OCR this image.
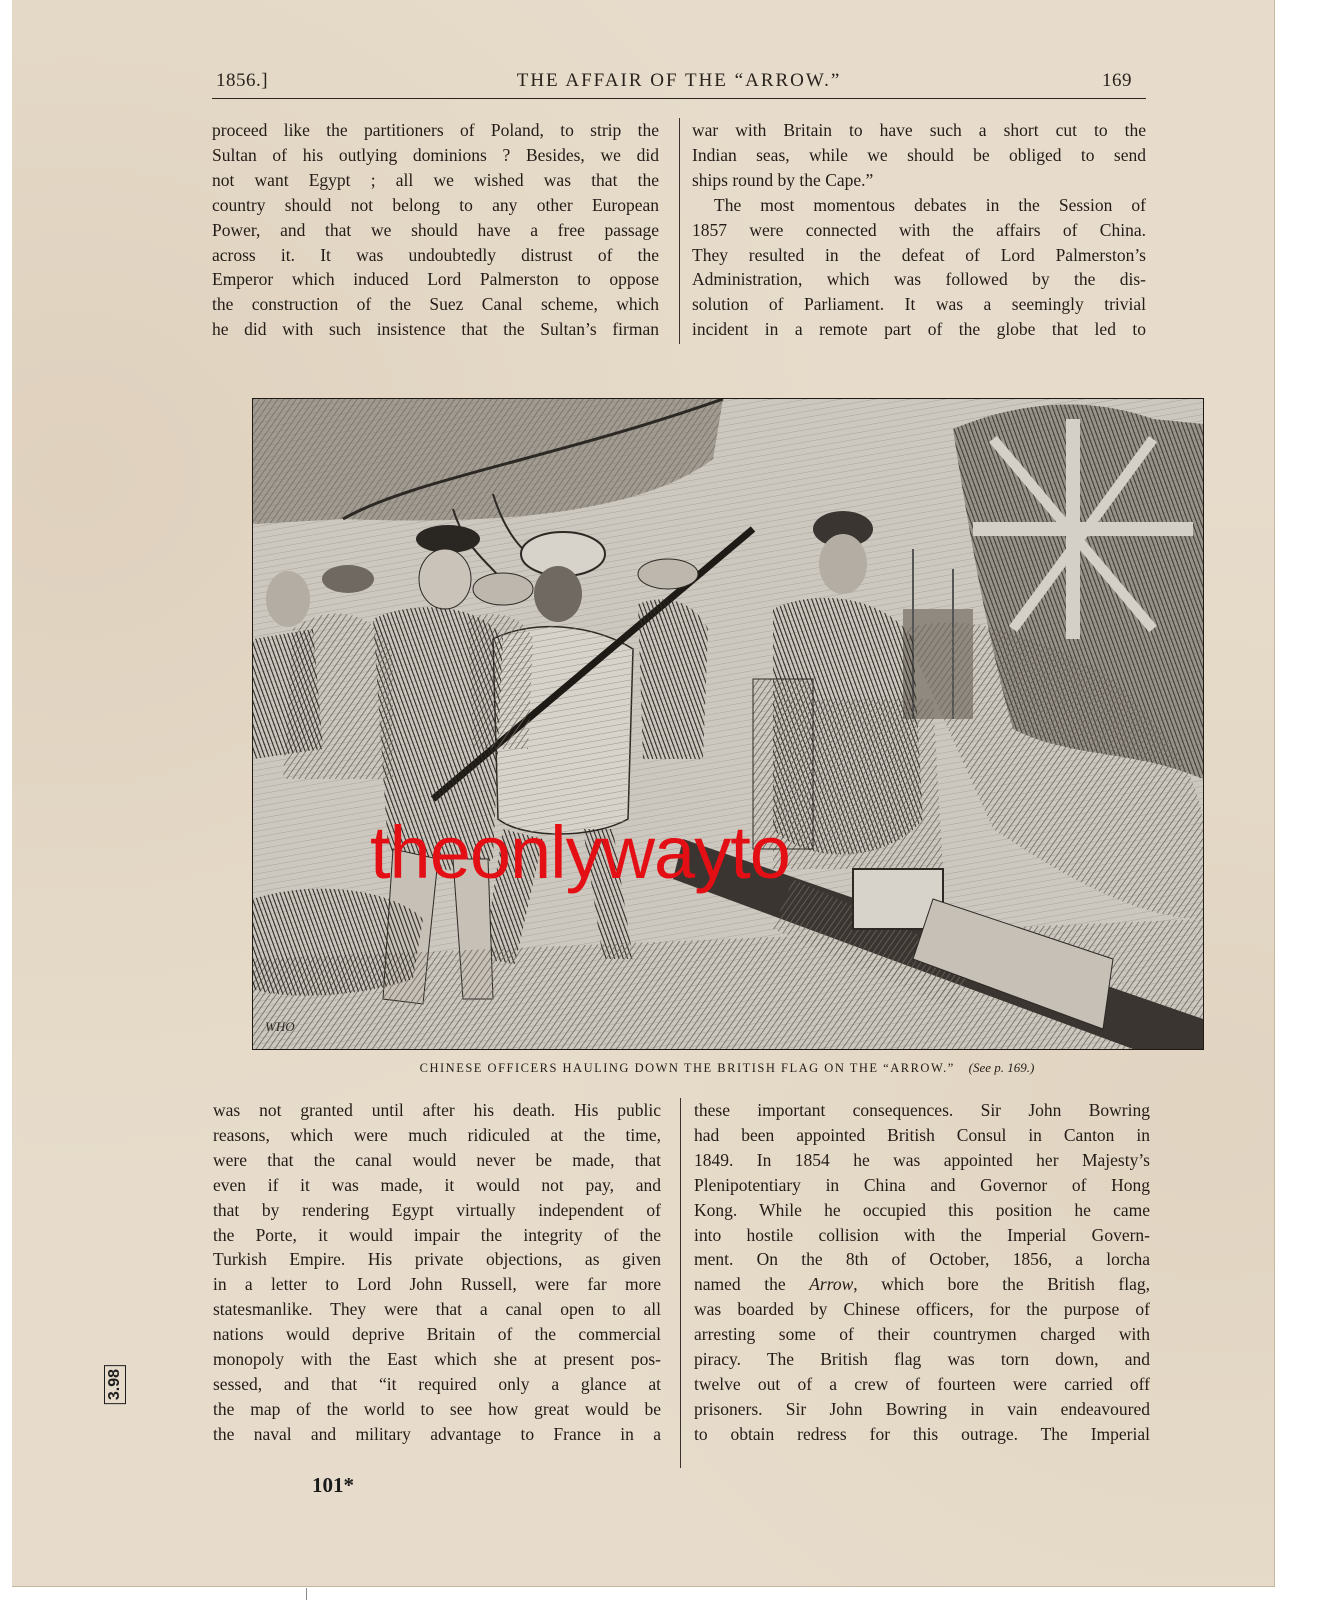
1856.]	THE AFFAIR OF THE “ARROW.”	169
proceed like the partitioners of Poland, to strip the
Sultan of his outlying dominions ? Besides, we did
not want Egypt ; all we wished was that the
country should not belong to any other European
Power, and that we should have a free passage
across it. It was undoubtedly distrust of the
Emperor which induced Lord Palmerston to oppose
the construction of the Suez Canal scheme, which
he did with such insistence that the Sultan’s firman
war with Britain to have such a short cut to the
Indian seas, while we should be obliged to send
ships round by the Cape.”
The most momentous debates in the Session of
1857 were connected with the affairs of China.
They resulted in the defeat of Lord Palmerston’s
Administration, which was followed by the dis-
solution of Parliament. It was a seemingly trivial
incident in a remote part of the globe that led to
WHO
theonlywayto
CHINESE OFFICERS HAULING DOWN THE BRITISH FLAG ON THE “ARROW.” (See p. 169.)
was not granted until after his death. His public
reasons, which were much ridiculed at the time,
were that the canal would never be made, that
even if it was made, it would not pay, and
that by rendering Egypt virtually independent of
the Porte, it would impair the integrity of the
Turkish Empire. His private objections, as given
in a letter to Lord John Russell, were far more
statesmanlike. They were that a canal open to all
nations would deprive Britain of the commercial
monopoly with the East which she at present pos-
sessed, and that “it required only a glance at
the map of the world to see how great would be
the naval and military advantage to France in a
these important consequences. Sir John Bowring
had been appointed British Consul in Canton in
1849. In 1854 he was appointed her Majesty’s
Plenipotentiary in China and Governor of Hong
Kong. While he occupied this position he came
into hostile collision with the Imperial Govern-
ment. On the 8th of October, 1856, a lorcha
named the Arrow, which bore the British flag,
was boarded by Chinese officers, for the purpose of
arresting some of their countrymen charged with
piracy. The British flag was torn down, and
twelve out of a crew of fourteen were carried off
prisoners. Sir John Bowring in vain endeavoured
to obtain redress for this outrage. The Imperial
3.98
101*
